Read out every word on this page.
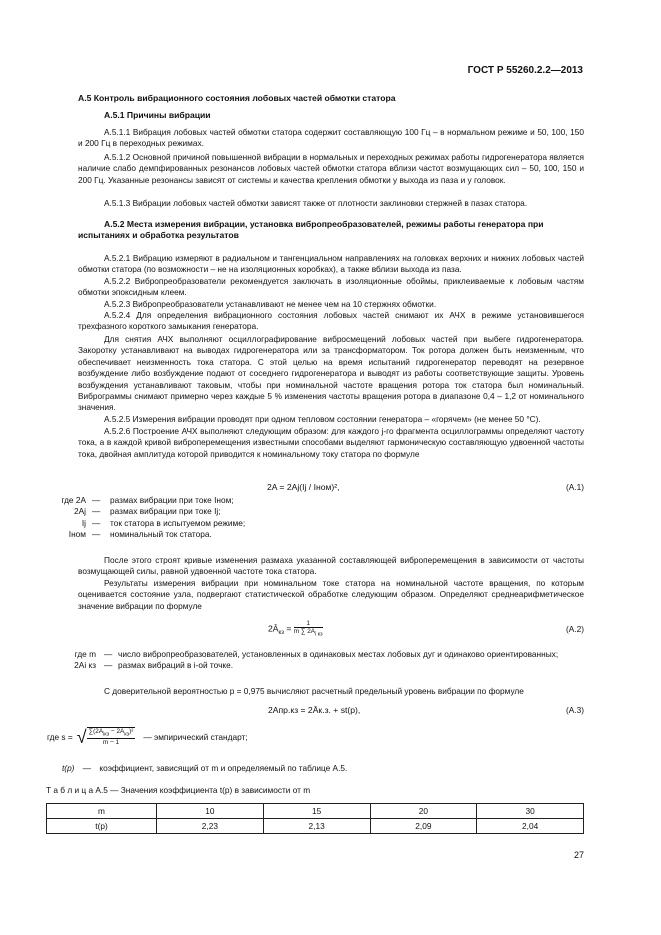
ГОСТ Р 55260.2.2—2013
А.5 Контроль вибрационного состояния лобовых частей обмотки статора
А.5.1 Причины вибрации
А.5.1.1 Вибрация лобовых частей обмотки статора содержит составляющую 100 Гц – в нормальном режиме и 50, 100, 150 и 200 Гц в переходных режимах.
А.5.1.2 Основной причиной повышенной вибрации в нормальных и переходных режимах работы гидрогенератора является наличие слабо демпфированных резонансов лобовых частей обмотки статора вблизи частот возмущающих сил – 50, 100, 150 и 200 Гц. Указанные резонансы зависят от системы и качества крепления обмотки у выхода из паза и у головок.
А.5.1.3 Вибрации лобовых частей обмотки зависят также от плотности заклиновки стержней в пазах статора.
А.5.2 Места измерения вибрации, установка вибропреобразователей, режимы работы генератора при испытаниях и обработка результатов
А.5.2.1 Вибрацию измеряют в радиальном и тангенциальном направлениях на головках верхних и нижних лобовых частей обмотки статора (по возможности – не на изоляционных коробках), а также вблизи выхода из паза.
А.5.2.2 Вибропреобразователи рекомендуется заключать в изоляционные обоймы, приклеиваемые к лобовым частям обмотки эпоксидным клеем.
А.5.2.3 Вибропреобразователи устанавливают не менее чем на 10 стержнях обмотки.
А.5.2.4 Для определения вибрационного состояния лобовых частей снимают их АЧХ в режиме установившегося трехфазного короткого замыкания генератора.
Для снятия АЧХ выполняют осциллографирование вибросмещений лобовых частей при выбеге гидрогенератора. Закоротку устанавливают на выводах гидрогенератора или за трансформатором. Ток ротора должен быть неизменным, что обеспечивает неизменность тока статора. С этой целью на время испытаний гидрогенератор переводят на резервное возбуждение либо возбуждение подают от соседнего гидрогенератора и выводят из работы соответствующие защиты. Уровень возбуждения устанавливают таковым, чтобы при номинальной частоте вращения ротора ток статора был номинальный. Виброграммы снимают примерно через каждые 5 % изменения частоты вращения ротора в диапазоне 0,4 – 1,2 от номинального значения.
А.5.2.5 Измерения вибрации проводят при одном тепловом состоянии генератора – «горячем» (не менее 50 °С).
А.5.2.6 Построение АЧХ выполняют следующим образом: для каждого j-го фрагмента осциллограммы определяют частоту тока, а в каждой кривой виброперемещения известными способами выделяют гармоническую составляющую удвоенной частоты тока, двойная амплитуда которой приводится к номинальному току статора по формуле
2A = 2Aj(Ij / Iном)²,	(А.1)
где 2A	—	размах вибрации при токе Iном;
2Aj	—	размах вибрации при токе Ij;
Ij	—	ток статора в испытуемом режиме;
Iном	—	номинальный ток статора.
После этого строят кривые изменения размаха указанной составляющей виброперемещения в зависимости от частоты возмущающей силы, равной удвоенной частоте тока статора.
Результаты измерения вибрации при номинальном токе статора на номинальной частоте вращения, по которым оценивается состояние узла, подвергают статистической обработке следующим образом. Определяют среднеарифметическое значение вибрации по формуле
$2Ā_{кз} = \frac{1}{m \sum 2A_{i кз}}$	(А.2)
где m	—	число вибропреобразователей, установленных в одинаковых местах лобовых дуг и одинаково ориентированных;
2Ai кз	—	размах вибраций в i-ой точке.
С доверительной вероятностью p = 0,975 вычисляют расчетный предельный уровень вибрации по формуле
2Aпр.кз = 2Āк.з. + st(p),	(А.3)
где s = √ $\frac{\sum(2A_{iкз} - 2Ā_{кз})^2}{m - 1}$ — эмпирический стандарт;
t(p) — коэффициент, зависящий от m и определяемый по таблице А.5.
Т а б л и ц а А.5 — Значения коэффициента t(p) в зависимости от m
m	10	15	20	30
t(p)	2,23	2,13	2,09	2,04
27
